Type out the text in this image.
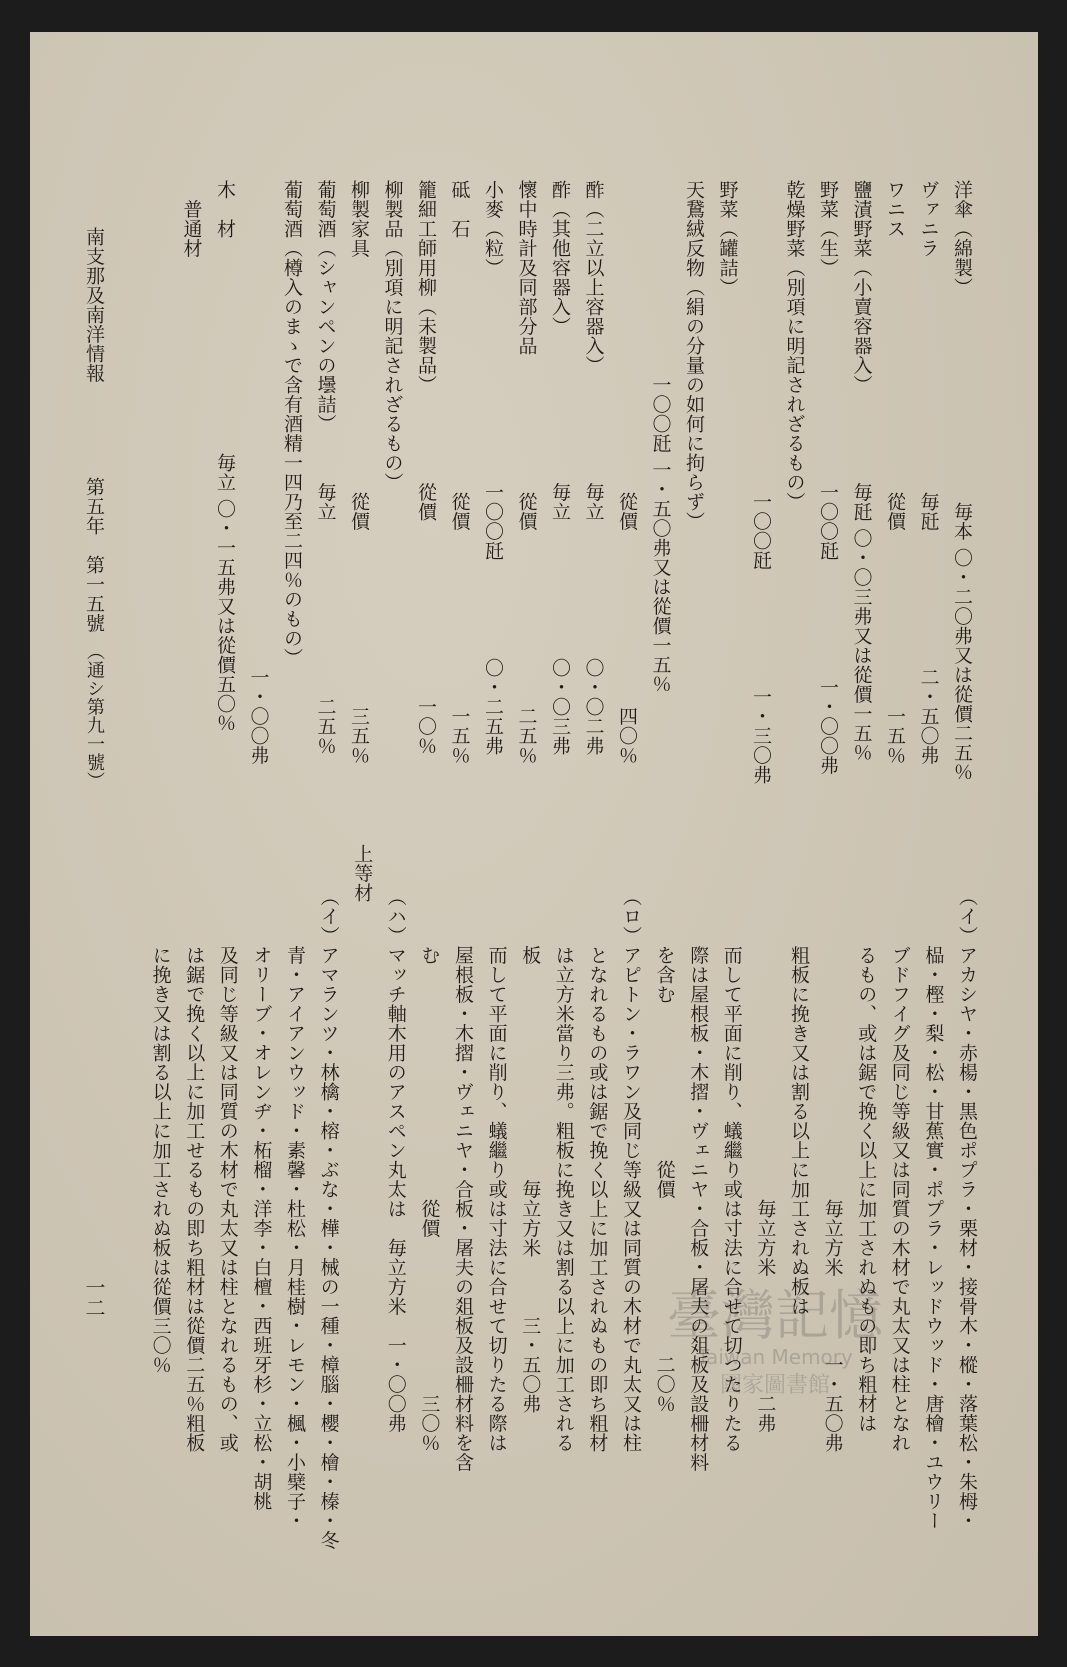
南支那及南洋情報
第五年　第一五號
（通シ第九一號）
一二
洋傘（綿製）　　　　　　　　　　　毎本 〇・二〇弗又は從價二五％
ヴァニラ　　　　　　　　　　　　毎瓩　　　　　　　二・五〇弗
ワニス　　　　　　　　　　　　　從價　　　　　　　　　一五％
鹽漬野菜（小賣容器入）　　　　　毎瓩 〇・〇三弗又は從價一五％
野菜（生）　　　　　　　　　　　一〇〇瓩　　　　　　一・〇〇弗
乾燥野菜（別項に明記されざるもの）
　　　　　　　　　　　　　　　　一〇〇瓩　　　　　　一・三〇弗
野菜（罐詰）
天鵞絨反物（絹の分量の如何に拘らず）
　　　　　　　　　　一〇〇瓩 一・五〇弗又は從價一五％
　　　　　　　　　　　　　　　　從價　　　　　　　　　四〇％
酢（二立以上容器入）　　　　　　毎立　　　　　　　〇・〇二弗
酢（其他容器入）　　　　　　　　毎立　　　　　　　〇・〇三弗
懷中時計及同部分品　　　　　　　從價　　　　　　　　　二五％
小麥（粒）　　　　　　　　　　　一〇〇瓩　　　　　〇・二五弗
砥　石　　　　　　　　　　　　　從價　　　　　　　　　一五％
籠細工師用柳（未製品）　　　　　從價　　　　　　　　　一〇％
柳製品（別項に明記されざるもの）
柳製家具　　　　　　　　　　　　從價　　　　　　　　　三五％
葡萄酒（シャンペンの壜詰）　　　毎立　　　　　　　　　二五％
葡萄酒（樽入のまゝで含有酒精一四乃至二四％のもの）
　　　　　　　　　　　　　　　　　　　　　　　　　一・〇〇弗
木　材　　　　　　　　　　　毎立 〇・一五弗又は從價五〇％
　普通材
（イ）アカシヤ・赤楊・黒色ポプラ・栗材・接骨木・樅・落葉松・朱栂・
　　　榀・樫・梨・松・甘蕉實・ポプラ・レッドウッド・唐檜・ユウリー
　　　ブドフイグ及同じ等級又は同質の木材で丸太又は柱となれ
　　　るもの、或は鋸で挽く以上に加工されぬもの即ち粗材は
　　　　　　　　　　　　　　　　毎立方米　　　　一・五〇弗
　　　粗板に挽き又は割る以上に加工されぬ板は
　　　　　　　　　　　　　　　　毎立方米　　　　　　二弗
　　　而して平面に削り、蟻繼り或は寸法に合せて切つたりたる
　　　際は屋根板・木摺・ヴェニヤ・合板・屠夫の爼板及設柵材料
　　　を含む　　　　　　　　從價　　　　　　　　二〇％
（ロ）アピトン・ラワン及同じ等級又は同質の木材で丸太又は柱
　　　となれるもの或は鋸で挽く以上に加工されぬもの即ち粗材
　　　は立方米當り三弗。粗板に挽き又は割る以上に加工される
　　　板　　　　　　　　　　　毎立方米　　　三・五〇弗
　　　而して平面に削り、蟻繼り或は寸法に合せて切りたる際は
　　　屋根板・木摺・ヴェニヤ・合板・屠夫の爼板及設柵材料を含
　　　む　　　　　　　　　　　　從價　　　　　　　　三〇％
（ハ）マッチ軸木用のアスペン丸太は　毎立方米　一・〇〇弗
上等材
（イ）アマランツ・林檎・榕・ぶな・樺・械の一種・樟腦・櫻・檜・榛・冬
　　　青・アイアンウッド・素馨・杜松・月桂樹・レモン・楓・小檗子・
　　　オリーブ・オレンヂ・柘榴・洋李・白檀・西班牙杉・立松・胡桃
　　　及同じ等級又は同質の木材で丸太又は柱となれるもの、或
　　　は鋸で挽く以上に加工せるもの即ち粗材は從價二五％粗板
　　　に挽き又は割る以上に加工されぬ板は從價三〇％	臺灣記憶
Taiwan Memory
國家圖書館
